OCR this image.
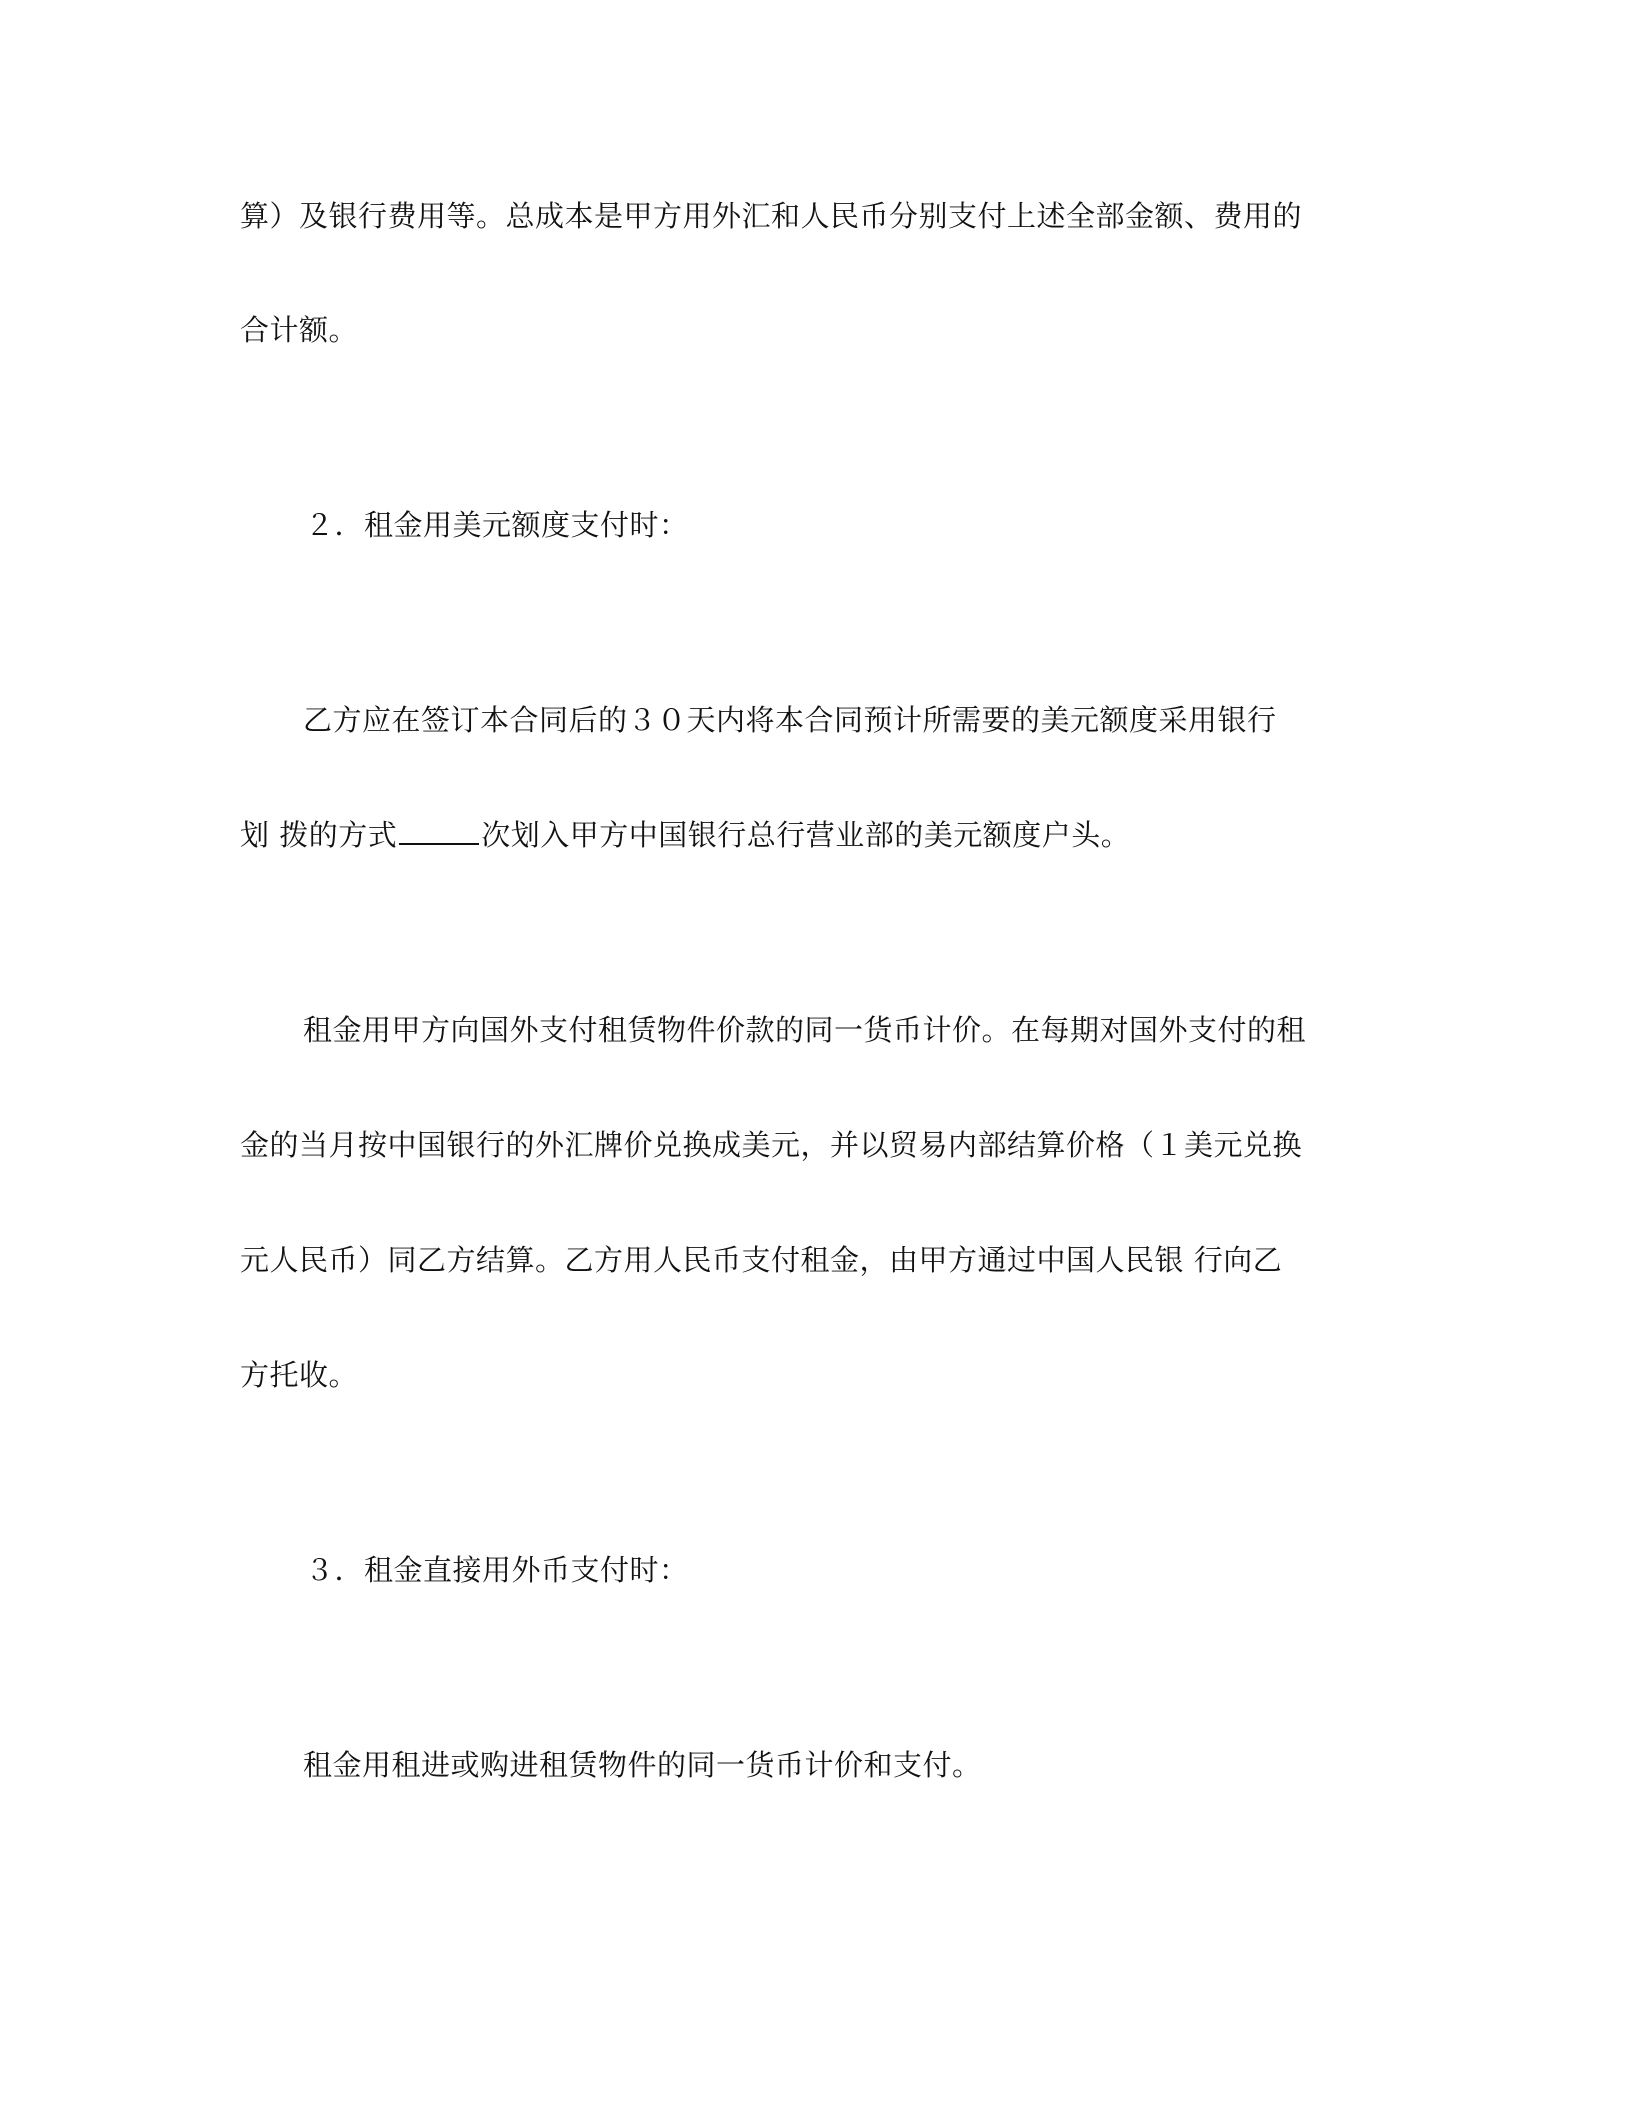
算）及银行费用等。总成本是甲方用外汇和人民币分别支付上述全部金额、费用的
合计额。
２．租金用美元额度支付时：
乙方应在签订本合同后的３０天内将本合同预计所需要的美元额度采用银行
划 拨的方式	次划入甲方中国银行总行营业部的美元额度户头。
租金用甲方向国外支付租赁物件价款的同一货币计价。在每期对国外支付的租
金的当月按中国银行的外汇牌价兑换成美元，并以贸易内部结算价格（１美元兑换
元人民币）同乙方结算。乙方用人民币支付租金，由甲方通过中国人民银 行向乙
方托收。
３．租金直接用外币支付时：
租金用租进或购进租赁物件的同一货币计价和支付。
